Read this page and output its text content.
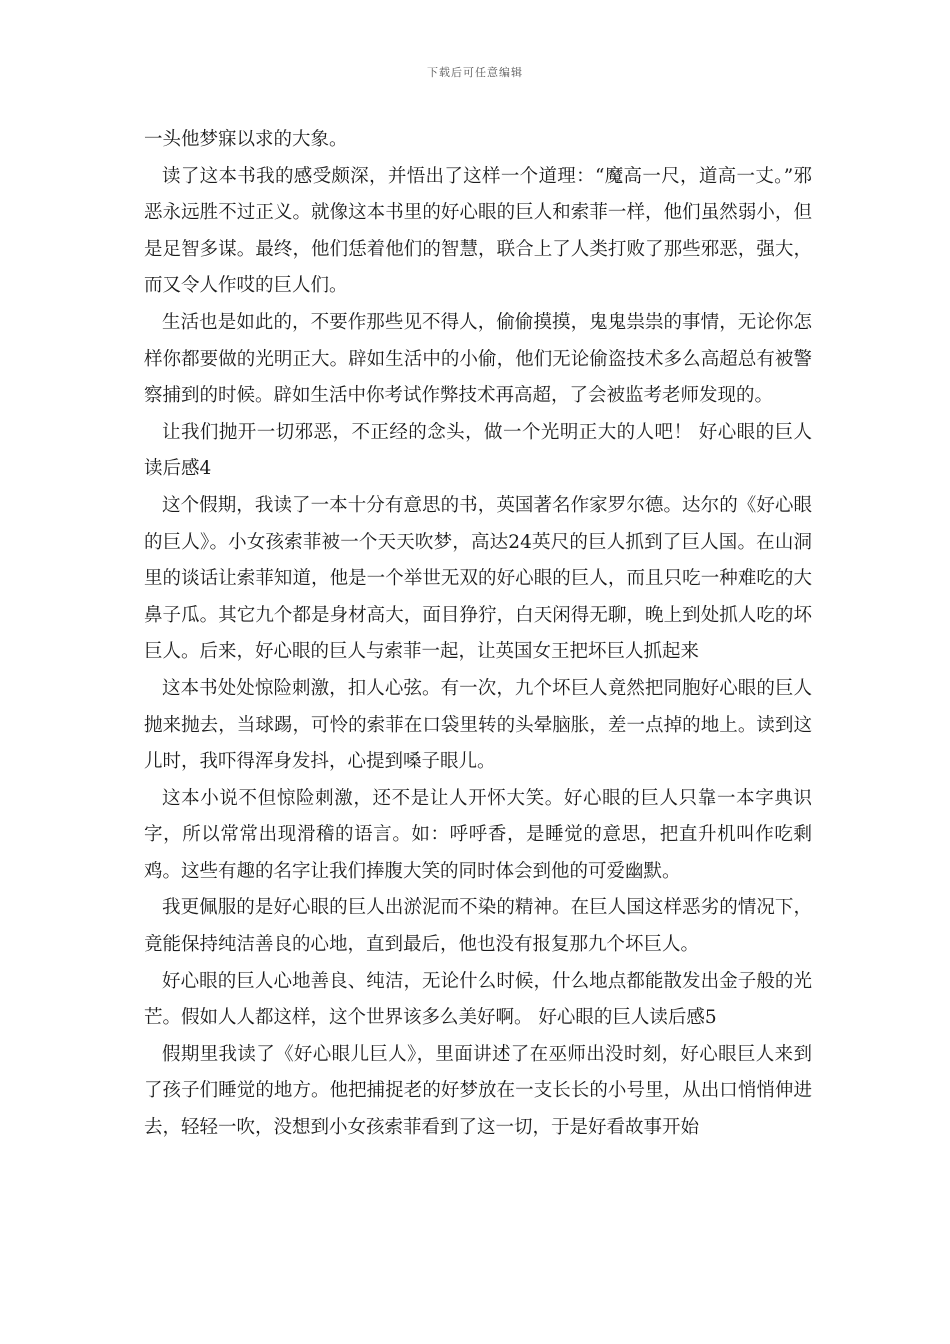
下载后可任意编辑

一头他梦寐以求的大象。

读了这本书我的感受颇深，并悟出了这样一个道理：“魔高一尺，道高一丈。”邪恶永远胜不过正义。就像这本书里的好心眼的巨人和索菲一样，他们虽然弱小，但是足智多谋。最终，他们恁着他们的智慧，联合上了人类打败了那些邪恶，强大，而又令人作哎的巨人们。

生活也是如此的，不要作那些见不得人，偷偷摸摸，鬼鬼祟祟的事情，无论你怎样你都要做的光明正大。辟如生活中的小偷，他们无论偷盗技术多么高超总有被警察捕到的时候。辟如生活中你考试作弊技术再高超，了会被监考老师发现的。

让我们抛开一切邪恶，不正经的念头，做一个光明正大的人吧！ 好心眼的巨人读后感4

这个假期，我读了一本十分有意思的书，英国著名作家罗尔德。达尔的《好心眼的巨人》。小女孩索菲被一个天天吹梦，高达24英尺的巨人抓到了巨人国。在山洞里的谈话让索菲知道，他是一个举世无双的好心眼的巨人，而且只吃一种难吃的大鼻子瓜。其它九个都是身材高大，面目狰狞，白天闲得无聊，晚上到处抓人吃的坏巨人。后来，好心眼的巨人与索菲一起，让英国女王把坏巨人抓起来

这本书处处惊险刺激，扣人心弦。有一次，九个坏巨人竟然把同胞好心眼的巨人抛来抛去，当球踢，可怜的索菲在口袋里转的头晕脑胀，差一点掉的地上。读到这儿时，我吓得浑身发抖，心提到嗓子眼儿。

这本小说不但惊险刺激，还不是让人开怀大笑。好心眼的巨人只靠一本字典识字，所以常常出现滑稽的语言。如：呼呼香，是睡觉的意思，把直升机叫作吃剩鸡。这些有趣的名字让我们捧腹大笑的同时体会到他的可爱幽默。

我更佩服的是好心眼的巨人出淤泥而不染的精神。在巨人国这样恶劣的情况下，竟能保持纯洁善良的心地，直到最后，他也没有报复那九个坏巨人。

好心眼的巨人心地善良、纯洁，无论什么时候，什么地点都能散发出金子般的光芒。假如人人都这样，这个世界该多么美好啊。 好心眼的巨人读后感5

假期里我读了《好心眼儿巨人》，里面讲述了在巫师出没时刻，好心眼巨人来到了孩子们睡觉的地方。他把捕捉老的好梦放在一支长长的小号里，从出口悄悄伸进去，轻轻一吹，没想到小女孩索菲看到了这一切，于是好看故事开始
